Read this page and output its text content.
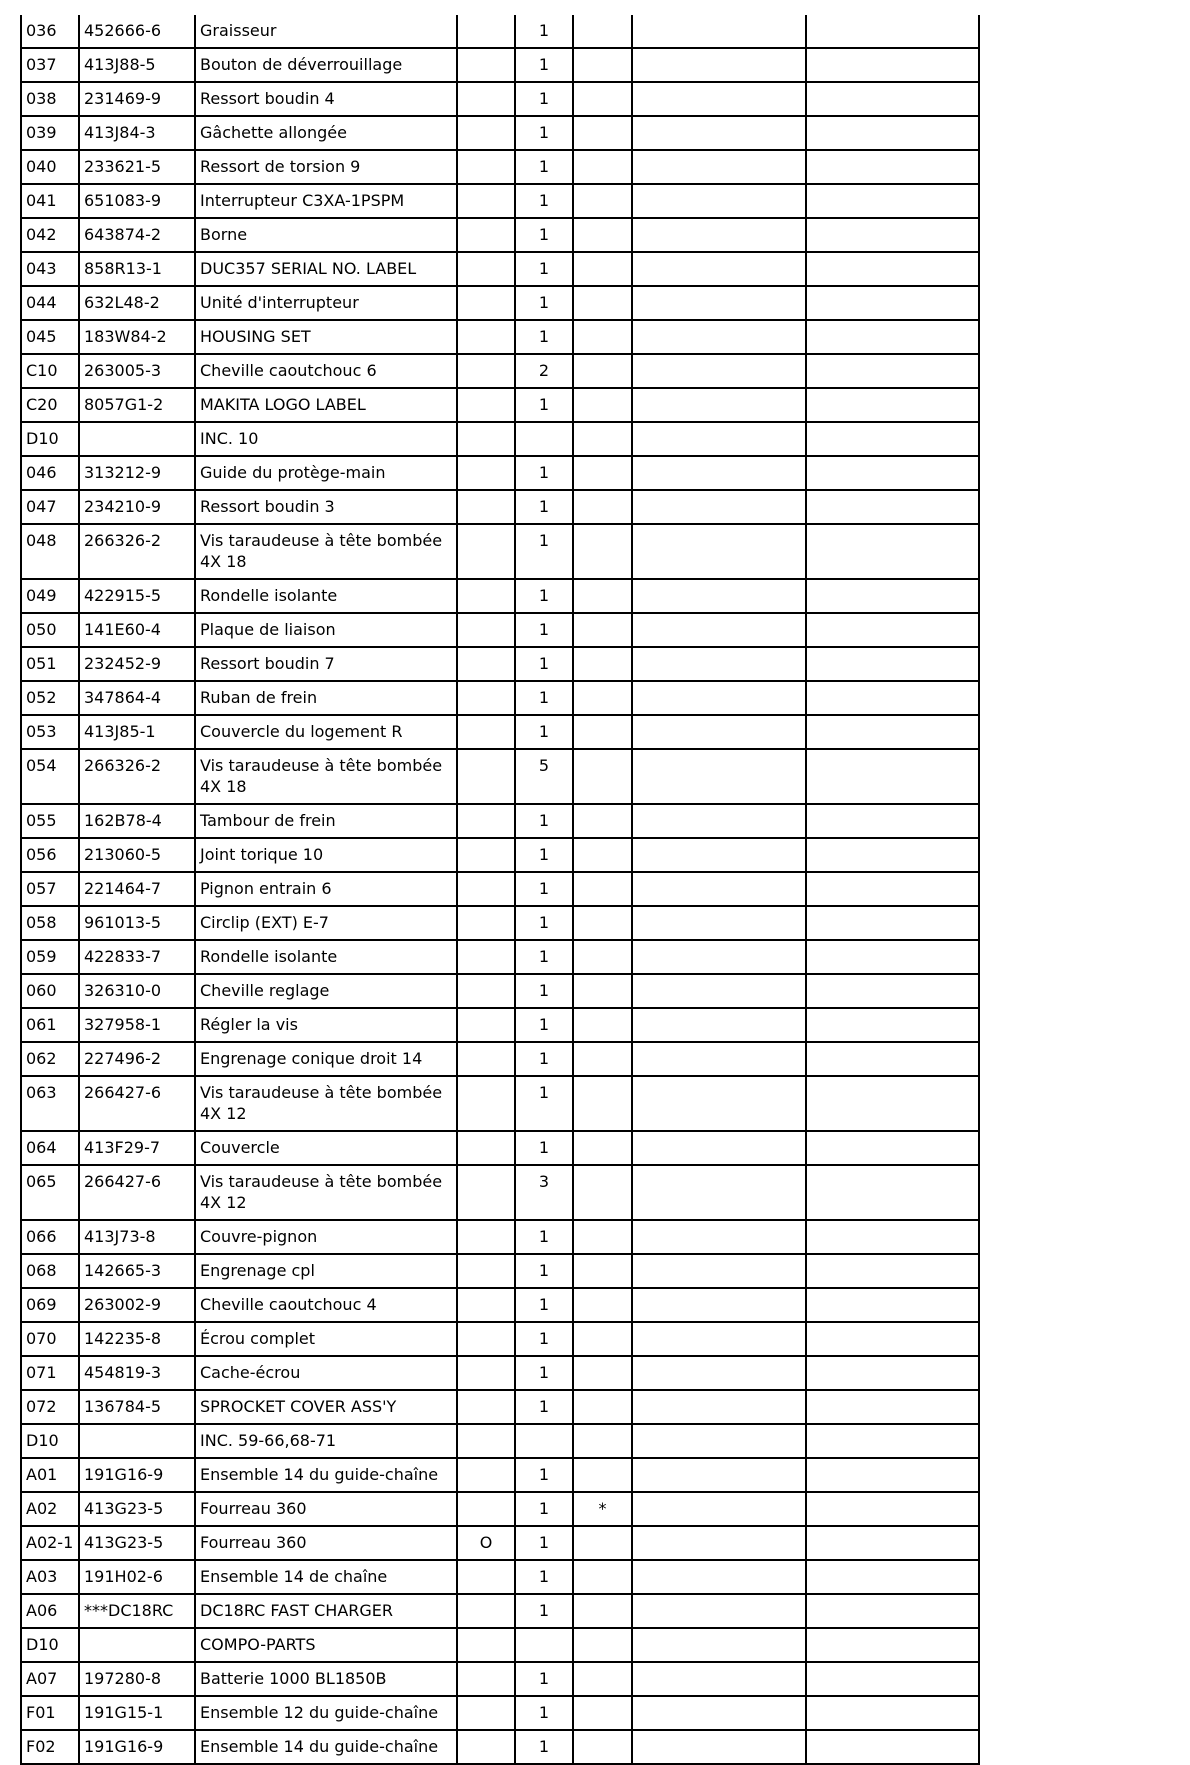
036	452666-6	Graisseur		1			
037	413J88-5	Bouton de déverrouillage		1			
038	231469-9	Ressort boudin 4		1			
039	413J84-3	Gâchette allongée		1			
040	233621-5	Ressort de torsion 9		1			
041	651083-9	Interrupteur C3XA-1PSPM		1			
042	643874-2	Borne		1			
043	858R13-1	DUC357 SERIAL NO. LABEL		1			
044	632L48-2	Unité d'interrupteur		1			
045	183W84-2	HOUSING SET		1			
C10	263005-3	Cheville caoutchouc 6		2			
C20	8057G1-2	MAKITA LOGO LABEL		1			
D10		INC. 10					
046	313212-9	Guide du protège-main		1			
047	234210-9	Ressort boudin 3		1			
048	266326-2	Vis taraudeuse à tête bombée 4X 18		1			
049	422915-5	Rondelle isolante		1			
050	141E60-4	Plaque de liaison		1			
051	232452-9	Ressort boudin 7		1			
052	347864-4	Ruban de frein		1			
053	413J85-1	Couvercle du logement R		1			
054	266326-2	Vis taraudeuse à tête bombée 4X 18		5			
055	162B78-4	Tambour de frein		1			
056	213060-5	Joint torique 10		1			
057	221464-7	Pignon entrain 6		1			
058	961013-5	Circlip (EXT) E-7		1			
059	422833-7	Rondelle isolante		1			
060	326310-0	Cheville reglage		1			
061	327958-1	Régler la vis		1			
062	227496-2	Engrenage conique droit 14		1			
063	266427-6	Vis taraudeuse à tête bombée 4X 12		1			
064	413F29-7	Couvercle		1			
065	266427-6	Vis taraudeuse à tête bombée 4X 12		3			
066	413J73-8	Couvre-pignon		1			
068	142665-3	Engrenage cpl		1			
069	263002-9	Cheville caoutchouc 4		1			
070	142235-8	Écrou complet		1			
071	454819-3	Cache-écrou		1			
072	136784-5	SPROCKET COVER ASS'Y		1			
D10		INC. 59-66,68-71					
A01	191G16-9	Ensemble 14 du guide-chaîne		1			
A02	413G23-5	Fourreau 360		1	*		
A02-1	413G23-5	Fourreau 360	O	1			
A03	191H02-6	Ensemble 14 de chaîne		1			
A06	***DC18RC	DC18RC FAST CHARGER		1			
D10		COMPO-PARTS					
A07	197280-8	Batterie 1000 BL1850B		1			
F01	191G15-1	Ensemble 12 du guide-chaîne		1			
F02	191G16-9	Ensemble 14 du guide-chaîne		1			
